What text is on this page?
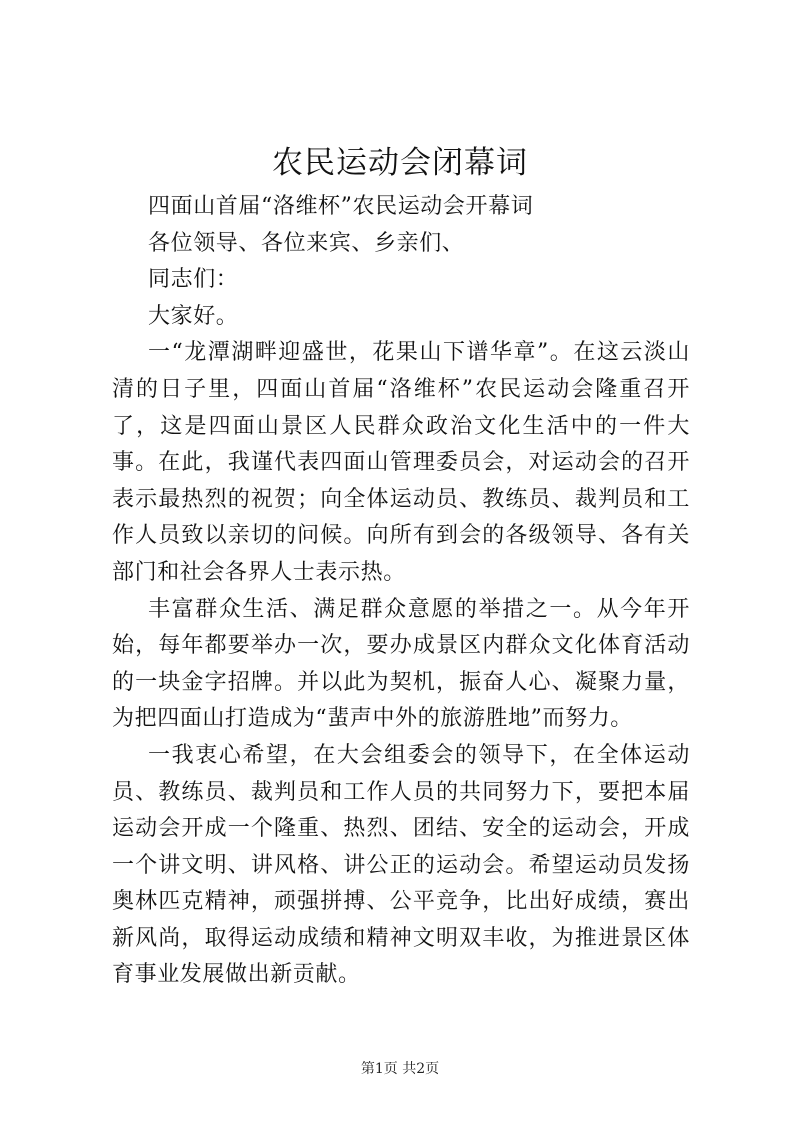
农民运动会闭幕词

四面山首届“洛维杯”农民运动会开幕词

各位领导、各位来宾、乡亲们、

同志们：

大家好。

一“龙潭湖畔迎盛世，花果山下谱华章”。在这云淡山清的日子里，四面山首届“洛维杯”农民运动会隆重召开了，这是四面山景区人民群众政治文化生活中的一件大事。在此，我谨代表四面山管理委员会，对运动会的召开表示最热烈的祝贺；向全体运动员、教练员、裁判员和工作人员致以亲切的问候。向所有到会的各级领导、各有关部门和社会各界人士表示热。

丰富群众生活、满足群众意愿的举措之一。从今年开始，每年都要举办一次，要办成景区内群众文化体育活动的一块金字招牌。并以此为契机，振奋人心、凝聚力量，为把四面山打造成为“蜚声中外的旅游胜地”而努力。

一我衷心希望，在大会组委会的领导下，在全体运动员、教练员、裁判员和工作人员的共同努力下，要把本届运动会开成一个隆重、热烈、团结、安全的运动会，开成一个讲文明、讲风格、讲公正的运动会。希望运动员发扬奥林匹克精神，顽强拼搏、公平竞争，比出好成绩，赛出新风尚，取得运动成绩和精神文明双丰收，为推进景区体育事业发展做出新贡献。

第1页 共2页
